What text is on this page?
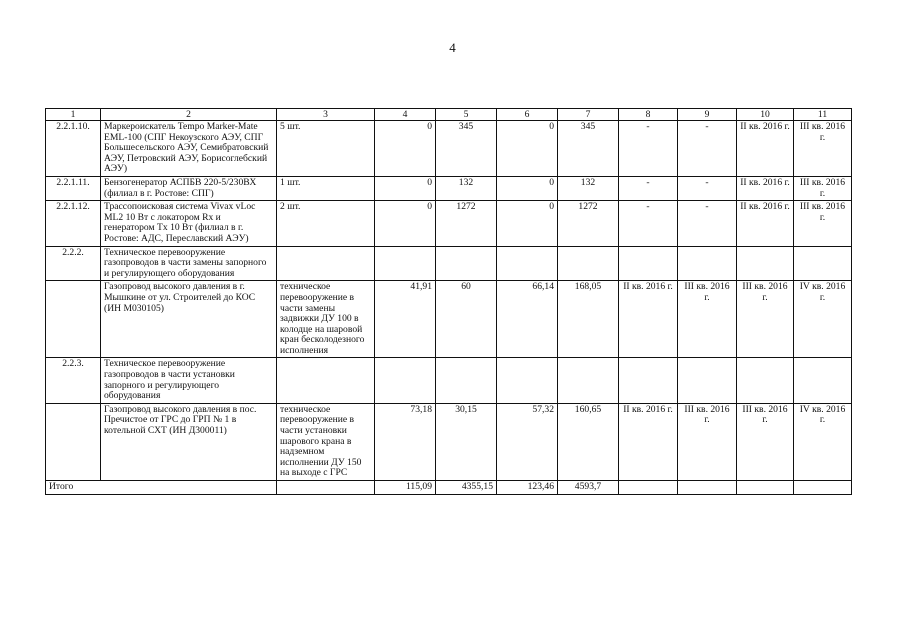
4
1	2	3	4	5	6	7	8	9	10	11
2.2.1.10.	Маркероискатель Tempo Marker-Mate EML-100 (СПГ Некоузского АЭУ, СПГ Большесельского АЭУ, Семибратовский АЭУ, Петровский АЭУ, Борисоглебский АЭУ)	5 шт.	0	345	0	345	-	-	II кв. 2016 г.	III кв. 2016 г.
2.2.1.11.	Бензогенератор АСПБВ 220-5/230ВХ (филиал в г. Ростове: СПГ)	1 шт.	0	132	0	132	-	-	II кв. 2016 г.	III кв. 2016 г.
2.2.1.12.	Трассопоисковая система Vivax vLoc ML2 10 Вт с локатором Rx и генератором Tx 10 Вт (филиал в г. Ростове: АДС, Переславский АЭУ)	2 шт.	0	1272	0	1272	-	-	II кв. 2016 г.	III кв. 2016 г.
2.2.2.	Техническое перевооружение газопроводов в части замены запорного и регулирующего оборудования									
	Газопровод высокого давления в г. Мышкине от ул. Строителей до КОС (ИН М030105)	техническое перевооружение в части замены задвижки ДУ 100 в колодце на шаровой кран бесколодезного исполнения	41,91	60	66,14	168,05	II кв. 2016 г.	III кв. 2016 г.	III кв. 2016 г.	IV кв. 2016 г.
2.2.3.	Техническое перевооружение газопроводов в части установки запорного и регулирующего оборудования									
	Газопровод высокого давления в пос. Пречистое от ГРС до ГРП № 1 в котельной СХТ (ИН Д300011)	техническое перевооружение в части установки шарового крана в надземном исполнении ДУ 150 на выходе с ГРС	73,18	30,15	57,32	160,65	II кв. 2016 г.	III кв. 2016 г.	III кв. 2016 г.	IV кв. 2016 г.
Итого			115,09	4355,15	123,46	4593,7				
